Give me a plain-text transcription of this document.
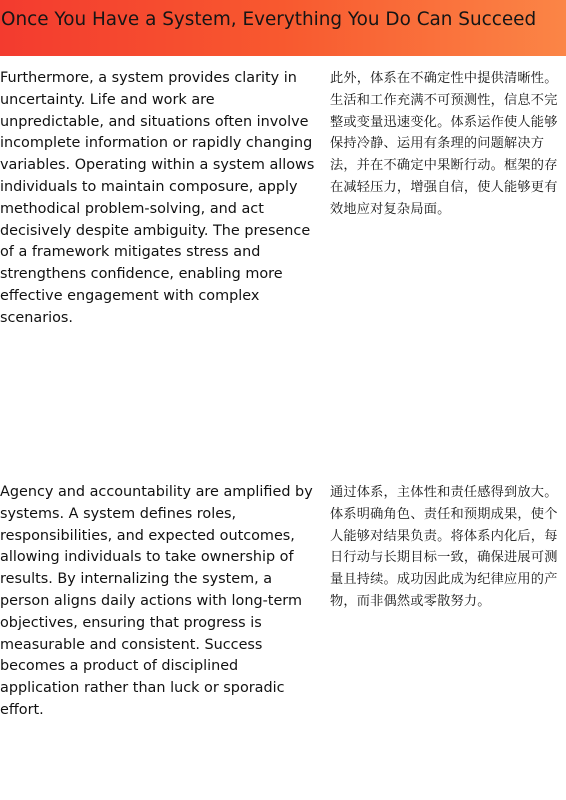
Once You Have a System, Everything You Do Can Succeed

Furthermore, a system provides clarity in uncertainty. Life and work are unpredictable, and situations often involve incomplete information or rapidly changing variables. Operating within a system allows individuals to maintain composure, apply methodical problem-solving, and act decisively despite ambiguity. The presence of a framework mitigates stress and strengthens confidence, enabling more effective engagement with complex scenarios.

此外，体系在不确定性中提供清晰性。生活和工作充满不可预测性，信息不完整或变量迅速变化。体系运作使人能够保持冷静、运用有条理的问题解决方法，并在不确定中果断行动。框架的存在减轻压力，增强自信，使人能够更有效地应对复杂局面。

Agency and accountability are amplified by systems. A system defines roles, responsibilities, and expected outcomes, allowing individuals to take ownership of results. By internalizing the system, a person aligns daily actions with long-term objectives, ensuring that progress is measurable and consistent. Success becomes a product of disciplined application rather than luck or sporadic effort.

通过体系，主体性和责任感得到放大。体系明确角色、责任和预期成果，使个人能够对结果负责。将体系内化后，每日行动与长期目标一致，确保进展可测量且持续。成功因此成为纪律应用的产物，而非偶然或零散努力。
